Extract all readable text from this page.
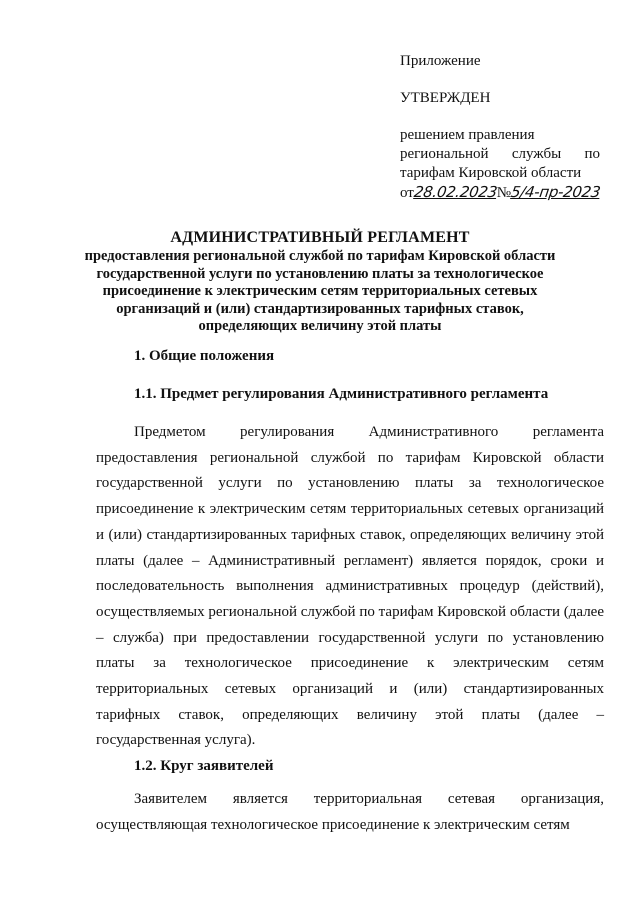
Приложение
УТВЕРЖДЕН
решением правления
региональной службы по
тарифам Кировской области
от
28.02.2023
№
5/4-пр-2023
АДМИНИСТРАТИВНЫЙ РЕГЛАМЕНТ
предоставления региональной службой по тарифам Кировской области
государственной услуги по установлению платы за технологическое
присоединение к электрическим сетям территориальных сетевых
организаций и (или) стандартизированных тарифных ставок,
определяющих величину этой платы
1. Общие положения
1.1. Предмет регулирования Административного регламента
Предметом регулирования Административного регламента предоставления региональной службой по тарифам Кировской области государственной услуги по установлению платы за технологическое присоединение к электрическим сетям территориальных сетевых организаций и (или) стандартизированных тарифных ставок, определяющих величину этой платы (далее – Административный регламент) является порядок, сроки и последовательность выполнения административных процедур (действий), осуществляемых региональной службой по тарифам Кировской области (далее – служба) при предоставлении государственной услуги по установлению платы за технологическое присоединение к электрическим сетям территориальных сетевых организаций и (или) стандартизированных тарифных ставок, определяющих величину этой платы (далее – государственная услуга).
1.2. Круг заявителей
Заявителем является территориальная сетевая организация, осуществляющая технологическое присоединение к электрическим сетям
